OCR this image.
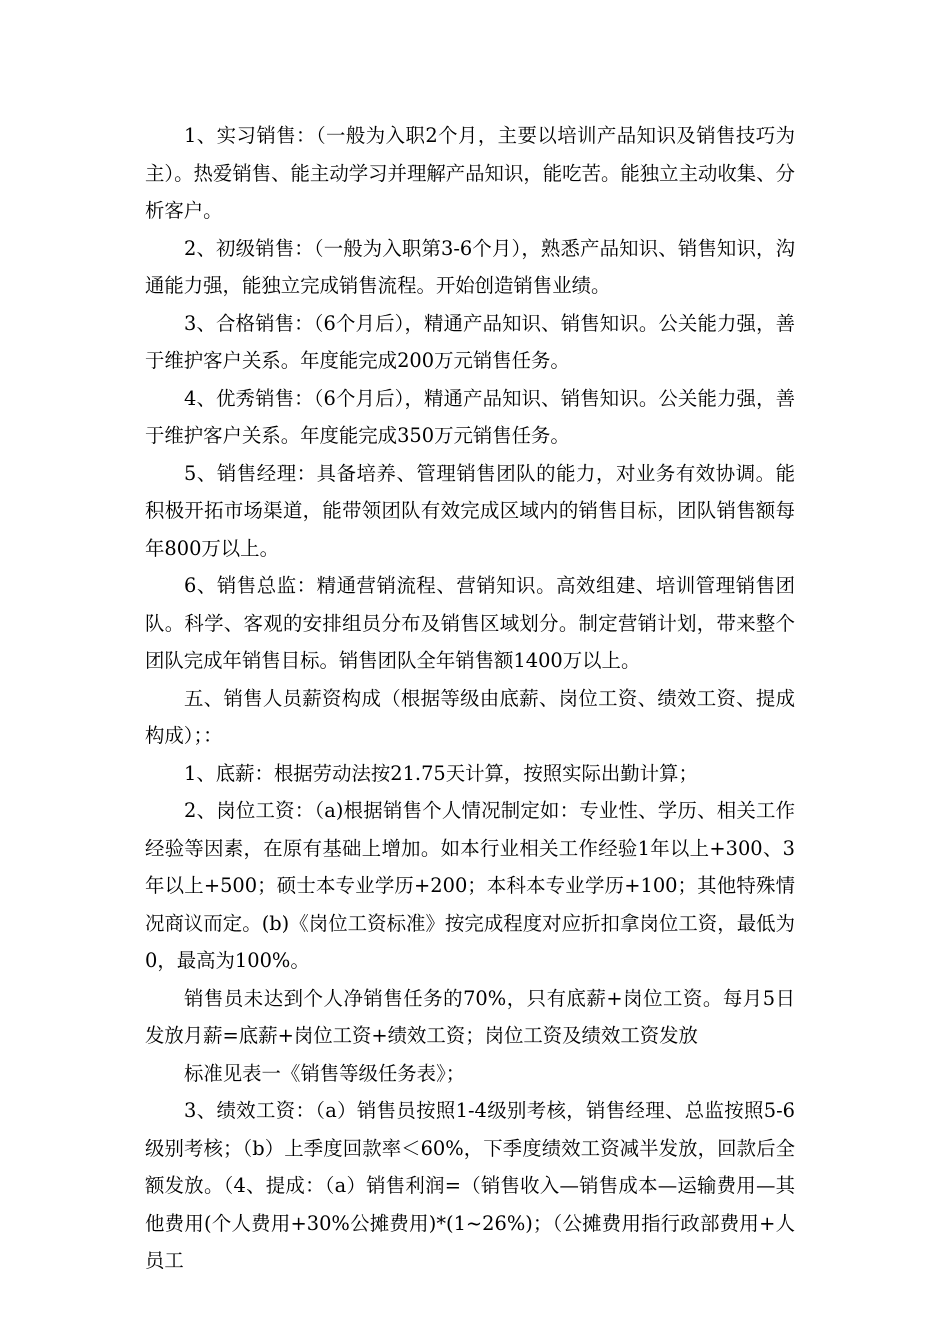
1、实习销售：（一般为入职2个月，主要以培训产品知识及销售技巧为主）。热爱销售、能主动学习并理解产品知识，能吃苦。能独立主动收集、分析客户。

2、初级销售：（一般为入职第3-6个月），熟悉产品知识、销售知识，沟通能力强，能独立完成销售流程。开始创造销售业绩。

3、合格销售：（6个月后），精通产品知识、销售知识。公关能力强，善于维护客户关系。年度能完成200万元销售任务。

4、优秀销售：（6个月后），精通产品知识、销售知识。公关能力强，善于维护客户关系。年度能完成350万元销售任务。

5、销售经理：具备培养、管理销售团队的能力，对业务有效协调。能积极开拓市场渠道，能带领团队有效完成区域内的销售目标，团队销售额每年800万以上。

6、销售总监：精通营销流程、营销知识。高效组建、培训管理销售团队。科学、客观的安排组员分布及销售区域划分。制定营销计划，带来整个团队完成年销售目标。销售团队全年销售额1400万以上。

五、销售人员薪资构成（根据等级由底薪、岗位工资、绩效工资、提成构成）；：

1、底薪：根据劳动法按21.75天计算，按照实际出勤计算；

2、岗位工资：（a)根据销售个人情况制定如：专业性、学历、相关工作经验等因素，在原有基础上增加。如本行业相关工作经验1年以上+300、3年以上+500；硕士本专业学历+200；本科本专业学历+100；其他特殊情况商议而定。(b)《岗位工资标准》按完成程度对应折扣拿岗位工资，最低为0，最高为100%。

销售员未达到个人净销售任务的70%，只有底薪+岗位工资。每月5日发放月薪=底薪+岗位工资+绩效工资；岗位工资及绩效工资发放

标准见表一《销售等级任务表》；

3、绩效工资：（a）销售员按照1-4级别考核，销售经理、总监按照5-6级别考核；（b）上季度回款率＜60%，下季度绩效工资减半发放，回款后全额发放。（4、提成：（a）销售利润=（销售收入—销售成本—运输费用—其他费用(个人费用+30%公摊费用)*(1~26%)；（公摊费用指行政部费用+人员工
